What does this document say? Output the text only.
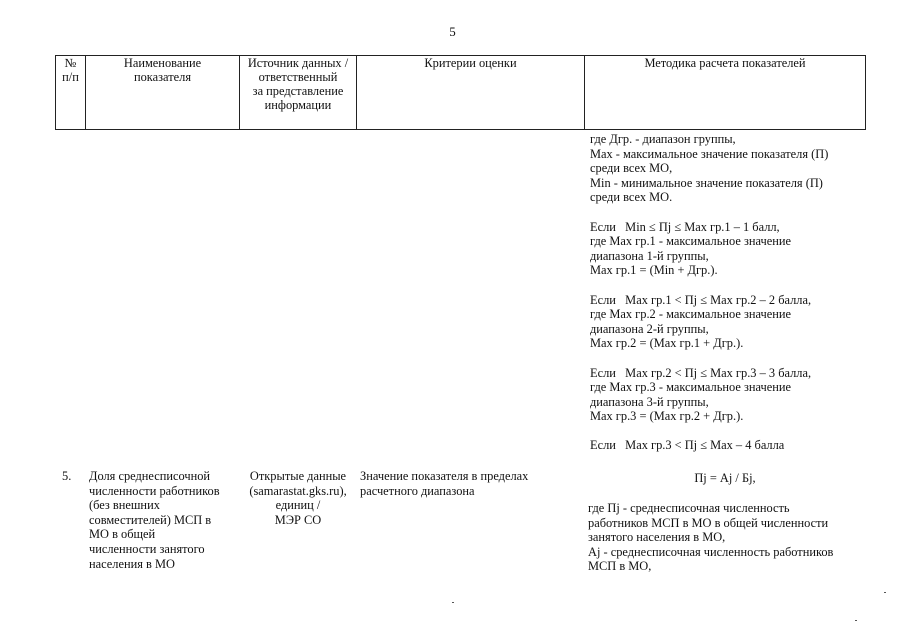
5
№
п/п
Наименование
показателя
Источник данных /
ответственный
за представление
информации
Критерии оценки	Методика расчета показателей
где Дгр. - диапазон группы,
Max - максимальное значение показателя (П)
среди всех МО,
Min - минимальное значение показателя (П)
среди всех МО.

Если   Min ≤ Пj ≤ Max гр.1 – 1 балл,
где Max гр.1 - максимальное значение
диапазона 1-й группы,
Max гр.1 = (Min + Дгр.).

Если   Max гр.1 < Пj ≤ Max гр.2 – 2 балла,
где Max гр.2 - максимальное значение
диапазона 2-й группы,
Max гр.2 = (Max гр.1 + Дгр.).

Если   Max гр.2 < Пj ≤ Max гр.3 – 3 балла,
где Max гр.3 - максимальное значение
диапазона 3-й группы,
Max гр.3 = (Max гр.2 + Дгр.).

Если   Max гр.3 < Пj ≤ Max – 4 балла
5. Доля среднесписочной
численности работников
(без внешних
совместителей) МСП в
МО в общей
численности занятого
населения в МО
Открытые данные
(samarastat.gks.ru),
единиц /
МЭР СО
Значение показателя в пределах
расчетного диапазона
Пj = Аj / Бj,
где Пj - среднесписочная численность
работников МСП в МО в общей численности
занятого населения в МО,
Аj - среднесписочная численность работников
МСП в МО,
